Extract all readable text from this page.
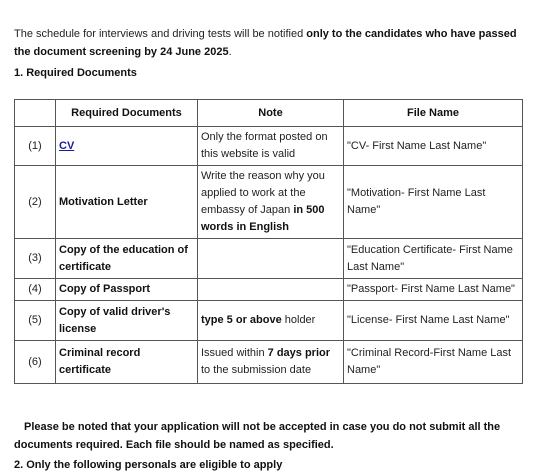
The schedule for interviews and driving tests will be notified only to the candidates who have passed the document screening by 24 June 2025.

1. Required Documents
	Required Documents	Note	File Name
(1)	CV	Only the format posted on this website is valid	"CV- First Name Last Name"
(2)	Motivation Letter	Write the reason why you applied to work at the embassy of Japan in 500 words in English	"Motivation- First Name Last Name"
(3)	Copy of the education of certificate		"Education Certificate- First Name Last Name"
(4)	Copy of Passport		"Passport- First Name Last Name"
(5)	Copy of valid driver's license	type 5 or above holder	"License- First Name Last Name"
(6)	Criminal record certificate	Issued within 7 days prior to the submission date	"Criminal Record-First Name Last Name"

Please be noted that your application will not be accepted in case you do not submit all the documents required. Each file should be named as specified.

2. Only the following personals are eligible to apply
